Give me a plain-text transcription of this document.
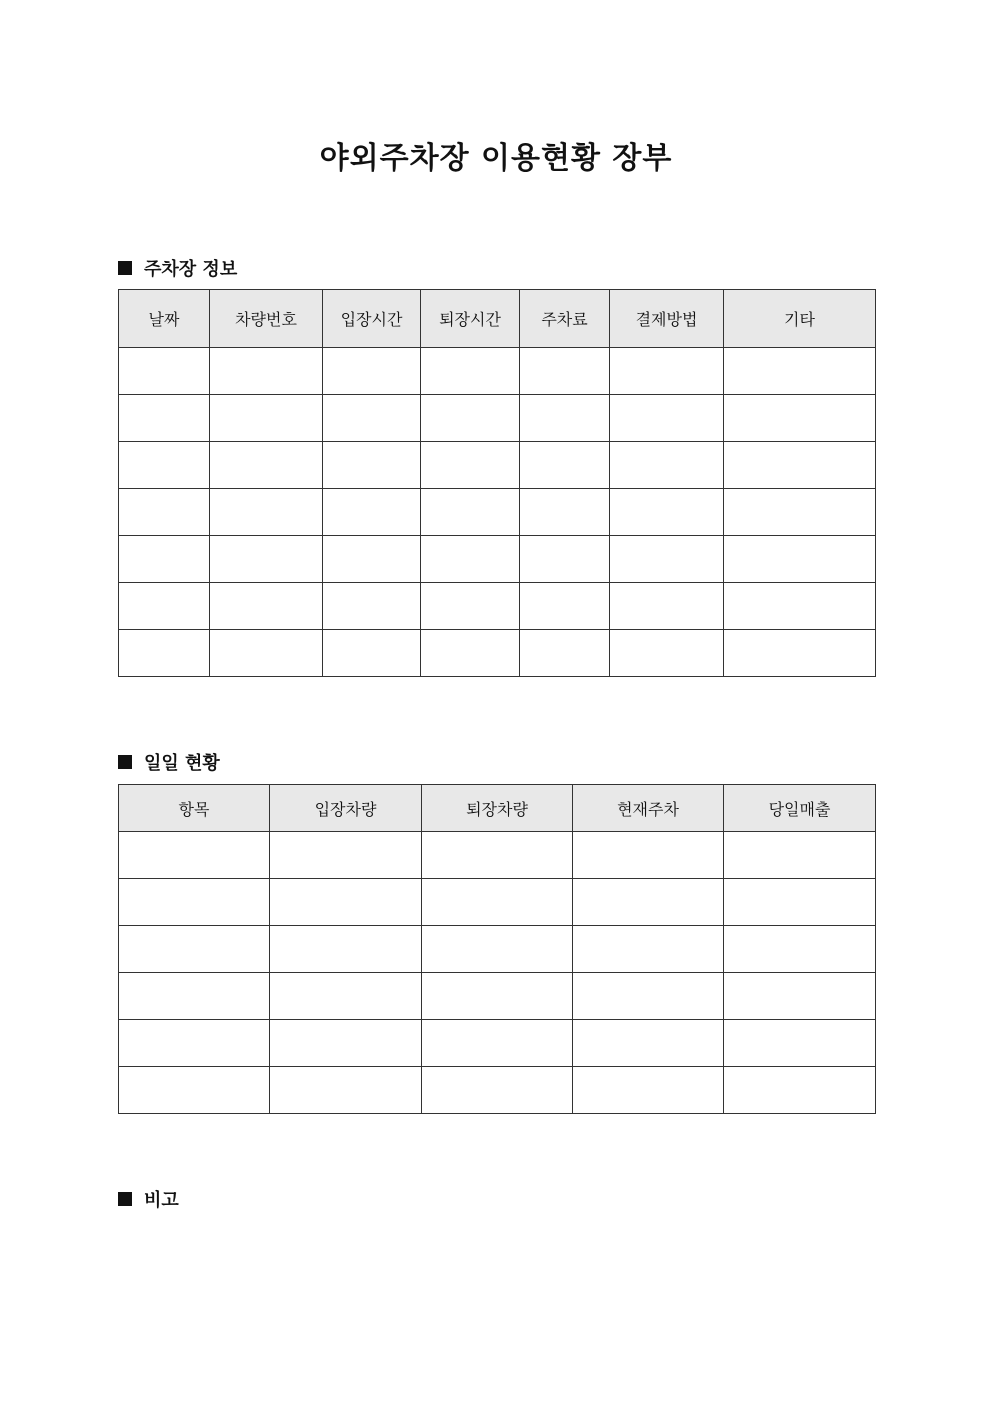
야외주차장 이용현황 장부
주차장 정보
날짜	차량번호	입장시간	퇴장시간	주차료	결제방법	기타

일일 현황
항목	입장차량	퇴장차량	현재주차	당일매출

비고
